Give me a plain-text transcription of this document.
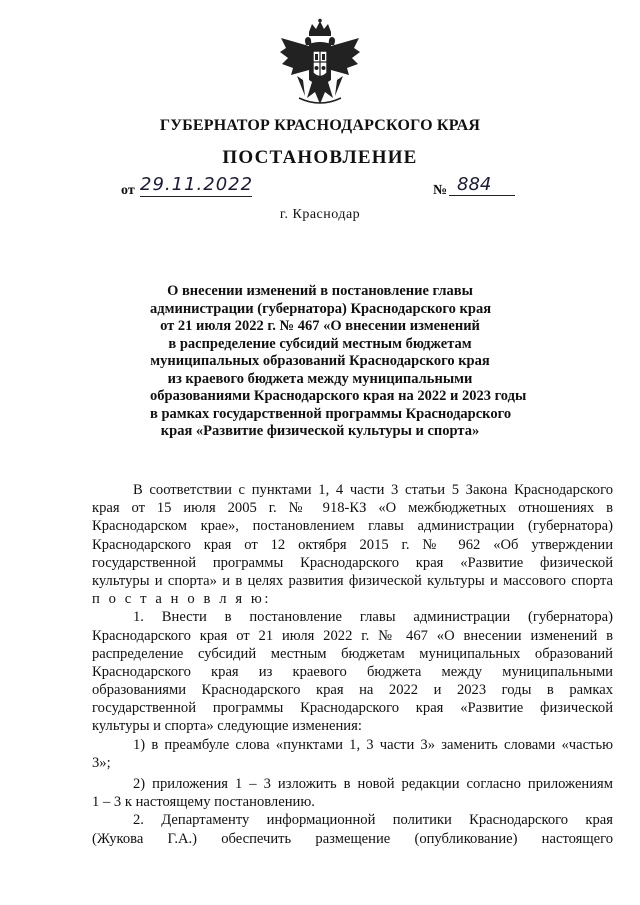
ГУБЕРНАТОР КРАСНОДАРСКОГО КРАЯ
ПОСТАНОВЛЕНИЕ
от 29.11.2022	№ 884
г. Краснодар
О внесении изменений в постановление главы
администрации (губернатора) Краснодарского края
от 21 июля 2022 г. № 467 «О внесении изменений
в распределение субсидий местным бюджетам
муниципальных образований Краснодарского края
из краевого бюджета между муниципальными
образованиями Краснодарского края на 2022 и 2023 годы
в рамках государственной программы Краснодарского
края «Развитие физической культуры и спорта»
В соответствии с пунктами 1, 4 части 3 статьи 5 Закона Краснодарского
края от 15 июля 2005 г. № 918-КЗ «О межбюджетных отношениях в
Краснодарском крае», постановлением главы администрации (губернатора)
Краснодарского края от 12 октября 2015 г. № 962 «Об утверждении
государственной программы Краснодарского края «Развитие физической
культуры и спорта» и в целях развития физической культуры и массового спорта
п о с т а н о в л я ю:
1. Внести в постановление главы администрации (губернатора)
Краснодарского края от 21 июля 2022 г. № 467 «О внесении изменений в
распределение субсидий местным бюджетам муниципальных образований
Краснодарского края из краевого бюджета между муниципальными
образованиями Краснодарского края на 2022 и 2023 годы в рамках
государственной программы Краснодарского края «Развитие физической
культуры и спорта» следующие изменения:
1) в преамбуле слова «пунктами 1, 3 части 3» заменить словами «частью
3»;
2) приложения 1 – 3 изложить в новой редакции согласно приложениям
1 – 3 к настоящему постановлению.
2. Департаменту информационной политики Краснодарского края
(Жукова Г.А.) обеспечить размещение (опубликование) настоящего
